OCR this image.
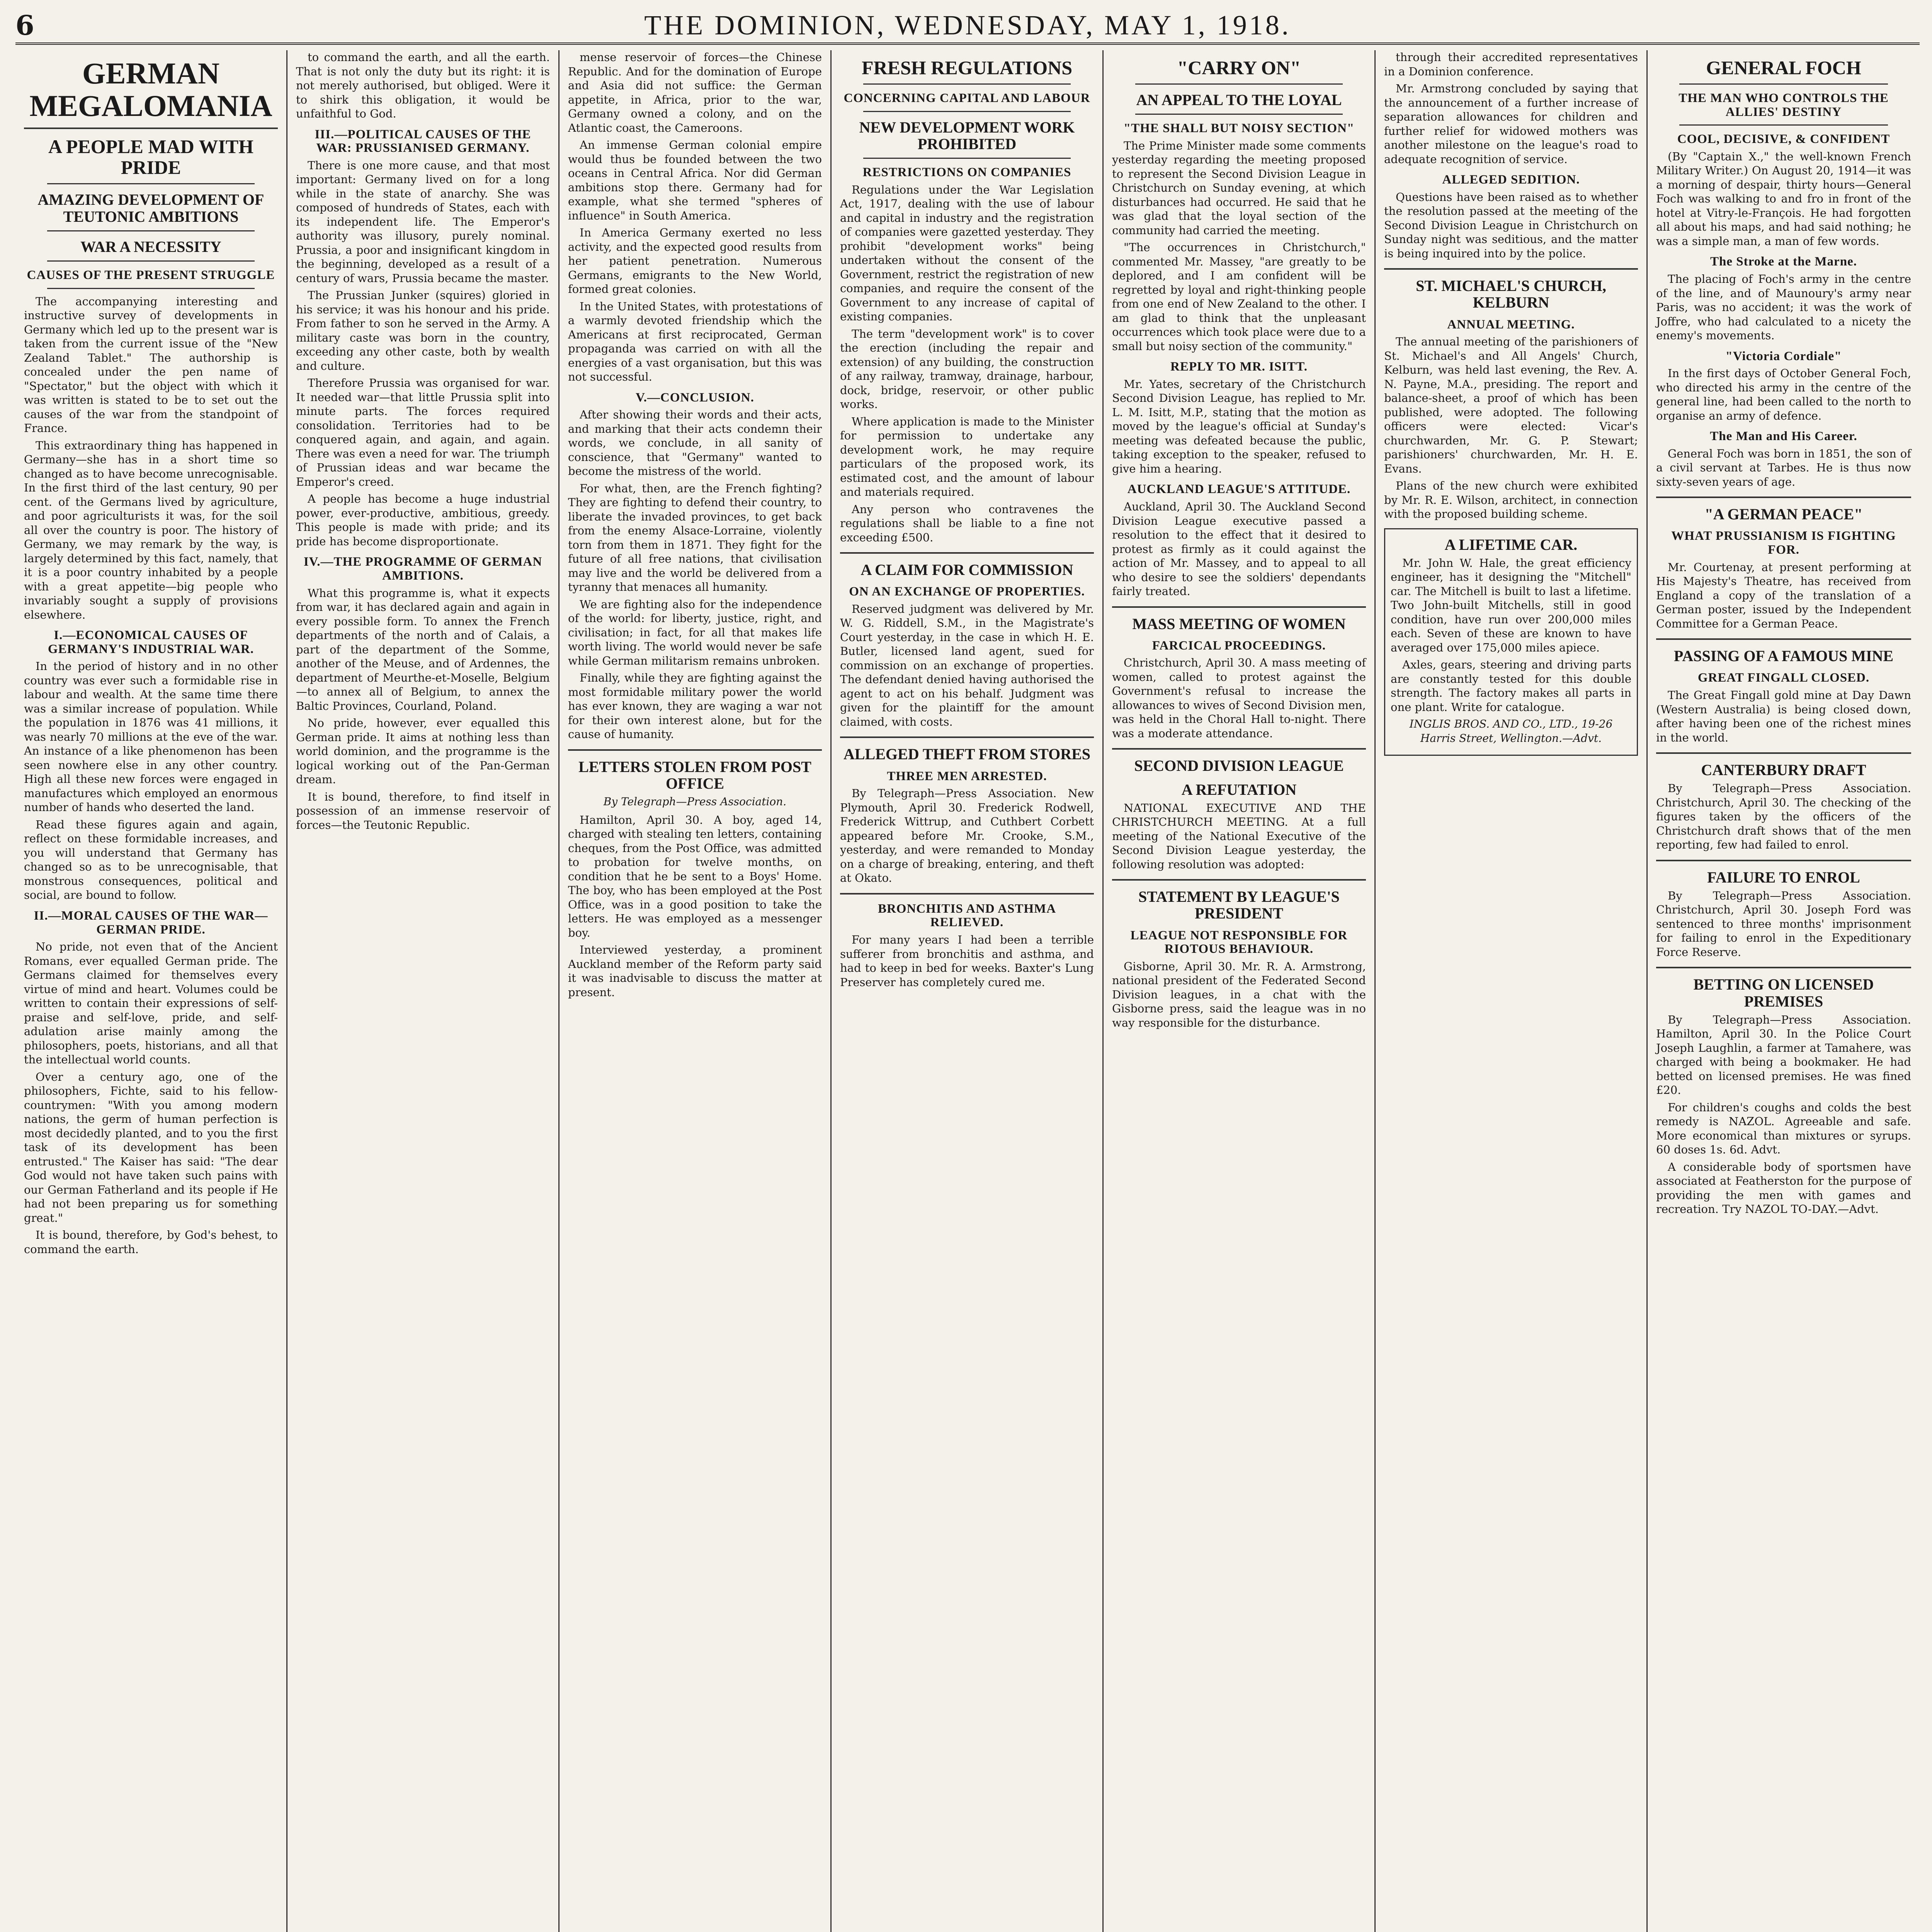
6	THE DOMINION, WEDNESDAY, MAY 1, 1918.
GERMAN MEGALOMANIA
A PEOPLE MAD WITH PRIDE
AMAZING DEVELOPMENT OF TEUTONIC AMBITIONS
WAR A NECESSITY
CAUSES OF THE PRESENT STRUGGLE

The accompanying interesting and instructive survey of developments in Germany which led up to the present war is taken from the current issue of the "New Zealand Tablet." The authorship is concealed under the pen name of "Spectator," but the object with which it was written is stated to be to set out the causes of the war from the standpoint of France.

This extraordinary thing has happened in Germany—she has in a short time so changed as to have become unrecognisable. In the first third of the last century, 90 per cent. of the Germans lived by agriculture, and poor agriculturists it was, for the soil all over the country is poor. The history of Germany, we may remark by the way, is largely determined by this fact, namely, that it is a poor country inhabited by a people with a great appetite—big people who invariably sought a supply of provisions elsewhere.

I.—ECONOMICAL CAUSES OF GERMANY'S INDUSTRIAL WAR.

In the period of history and in no other country was ever such a formidable rise in labour and wealth. At the same time there was a similar increase of population. While the population in 1876 was 41 millions, it was nearly 70 millions at the eve of the war. An instance of a like phenomenon has been seen nowhere else in any other country. High all these new forces were engaged in manufactures which employed an enormous number of hands who deserted the land.

Read these figures again and again, reflect on these formidable increases, and you will understand that Germany has changed so as to be unrecognisable, that monstrous consequences, political and social, are bound to follow.

II.—MORAL CAUSES OF THE WAR—GERMAN PRIDE.

No pride, not even that of the Ancient Romans, ever equalled German pride. The Germans claimed for themselves every virtue of mind and heart. Volumes could be written to contain their expressions of self-praise and self-love, pride, and self-adulation arise mainly among the philosophers, poets, historians, and all that the intellectual world counts.

Over a century ago, one of the philosophers, Fichte, said to his fellow-countrymen: "With you among modern nations, the germ of human perfection is most decidedly planted, and to you the first task of its development has been entrusted." The Kaiser has said: "The dear God would not have taken such pains with our German Fatherland and its people if He had not been preparing us for something great."

It is bound, therefore, by God's behest, to command the earth.

to command the earth, and all the earth. That is not only the duty but its right: it is not merely authorised, but obliged. Were it to shirk this obligation, it would be unfaithful to God.

III.—POLITICAL CAUSES OF THE WAR: PRUSSIANISED GERMANY.

There is one more cause, and that most important: Germany lived on for a long while in the state of anarchy. She was composed of hundreds of States, each with its independent life. The Emperor's authority was illusory, purely nominal. Prussia, a poor and insignificant kingdom in the beginning, developed as a result of a century of wars, Prussia became the master.

The Prussian Junker (squires) gloried in his service; it was his honour and his pride. From father to son he served in the Army. A military caste was born in the country, exceeding any other caste, both by wealth and culture.

Therefore Prussia was organised for war. It needed war—that little Prussia split into minute parts. The forces required consolidation. Territories had to be conquered again, and again, and again. There was even a need for war. The triumph of Prussian ideas and war became the Emperor's creed.

A people has become a huge industrial power, ever-productive, ambitious, greedy. This people is made with pride; and its pride has become disproportionate.

IV.—THE PROGRAMME OF GERMAN AMBITIONS.

What this programme is, what it expects from war, it has declared again and again in every possible form. To annex the French departments of the north and of Calais, a part of the department of the Somme, another of the Meuse, and of Ardennes, the department of Meurthe-et-Moselle, Belgium—to annex all of Belgium, to annex the Baltic Provinces, Courland, Poland.

No pride, however, ever equalled this German pride. It aims at nothing less than world dominion, and the programme is the logical working out of the Pan-German dream.

It is bound, therefore, to find itself in possession of an immense reservoir of forces—the Teutonic Republic.

mense reservoir of forces—the Chinese Republic. And for the domination of Europe and Asia did not suffice: the German appetite, in Africa, prior to the war, Germany owned a colony, and on the Atlantic coast, the Cameroons.

An immense German colonial empire would thus be founded between the two oceans in Central Africa. Nor did German ambitions stop there. Germany had for example, what she termed "spheres of influence" in South America.

In America Germany exerted no less activity, and the expected good results from her patient penetration. Numerous Germans, emigrants to the New World, formed great colonies.

In the United States, with protestations of a warmly devoted friendship which the Americans at first reciprocated, German propaganda was carried on with all the energies of a vast organisation, but this was not successful.

V.—CONCLUSION.

After showing their words and their acts, and marking that their acts condemn their words, we conclude, in all sanity of conscience, that "Germany" wanted to become the mistress of the world.

For what, then, are the French fighting? They are fighting to defend their country, to liberate the invaded provinces, to get back from the enemy Alsace-Lorraine, violently torn from them in 1871. They fight for the future of all free nations, that civilisation may live and the world be delivered from a tyranny that menaces all humanity.

We are fighting also for the independence of the world: for liberty, justice, right, and civilisation; in fact, for all that makes life worth living. The world would never be safe while German militarism remains unbroken.

Finally, while they are fighting against the most formidable military power the world has ever known, they are waging a war not for their own interest alone, but for the cause of humanity.

LETTERS STOLEN FROM POST OFFICE
By Telegraph—Press Association.

Hamilton, April 30. A boy, aged 14, charged with stealing ten letters, containing cheques, from the Post Office, was admitted to probation for twelve months, on condition that he be sent to a Boys' Home. The boy, who has been employed at the Post Office, was in a good position to take the letters. He was employed as a messenger boy.

Interviewed yesterday, a prominent Auckland member of the Reform party said it was inadvisable to discuss the matter at present.

FRESH REGULATIONS
CONCERNING CAPITAL AND LABOUR
NEW DEVELOPMENT WORK PROHIBITED
RESTRICTIONS ON COMPANIES

Regulations under the War Legislation Act, 1917, dealing with the use of labour and capital in industry and the registration of companies were gazetted yesterday. They prohibit "development works" being undertaken without the consent of the Government, restrict the registration of new companies, and require the consent of the Government to any increase of capital of existing companies.

The term "development work" is to cover the erection (including the repair and extension) of any building, the construction of any railway, tramway, drainage, harbour, dock, bridge, reservoir, or other public works.

Where application is made to the Minister for permission to undertake any development work, he may require particulars of the proposed work, its estimated cost, and the amount of labour and materials required.

Any person who contravenes the regulations shall be liable to a fine not exceeding £500.

A CLAIM FOR COMMISSION
ON AN EXCHANGE OF PROPERTIES.

Reserved judgment was delivered by Mr. W. G. Riddell, S.M., in the Magistrate's Court yesterday, in the case in which H. E. Butler, licensed land agent, sued for commission on an exchange of properties. The defendant denied having authorised the agent to act on his behalf. Judgment was given for the plaintiff for the amount claimed, with costs.

ALLEGED THEFT FROM STORES
THREE MEN ARRESTED.

By Telegraph—Press Association. New Plymouth, April 30. Frederick Rodwell, Frederick Wittrup, and Cuthbert Corbett appeared before Mr. Crooke, S.M., yesterday, and were remanded to Monday on a charge of breaking, entering, and theft at Okato.

BRONCHITIS AND ASTHMA RELIEVED.

For many years I had been a terrible sufferer from bronchitis and asthma, and had to keep in bed for weeks. Baxter's Lung Preserver has completely cured me.

"CARRY ON"
AN APPEAL TO THE LOYAL
"THE SHALL BUT NOISY SECTION"

The Prime Minister made some comments yesterday regarding the meeting proposed to represent the Second Division League in Christchurch on Sunday evening, at which disturbances had occurred. He said that he was glad that the loyal section of the community had carried the meeting.

"The occurrences in Christchurch," commented Mr. Massey, "are greatly to be deplored, and I am confident will be regretted by loyal and right-thinking people from one end of New Zealand to the other. I am glad to think that the unpleasant occurrences which took place were due to a small but noisy section of the community."

REPLY TO MR. ISITT.

Mr. Yates, secretary of the Christchurch Second Division League, has replied to Mr. L. M. Isitt, M.P., stating that the motion as moved by the league's official at Sunday's meeting was defeated because the public, taking exception to the speaker, refused to give him a hearing.

AUCKLAND LEAGUE'S ATTITUDE.

Auckland, April 30. The Auckland Second Division League executive passed a resolution to the effect that it desired to protest as firmly as it could against the action of Mr. Massey, and to appeal to all who desire to see the soldiers' dependants fairly treated.

MASS MEETING OF WOMEN
FARCICAL PROCEEDINGS.

Christchurch, April 30. A mass meeting of women, called to protest against the Government's refusal to increase the allowances to wives of Second Division men, was held in the Choral Hall to-night. There was a moderate attendance.

SECOND DIVISION LEAGUE
A REFUTATION

NATIONAL EXECUTIVE AND THE CHRISTCHURCH MEETING. At a full meeting of the National Executive of the Second Division League yesterday, the following resolution was adopted:

STATEMENT BY LEAGUE'S PRESIDENT
LEAGUE NOT RESPONSIBLE FOR RIOTOUS BEHAVIOUR.

Gisborne, April 30. Mr. R. A. Armstrong, national president of the Federated Second Division leagues, in a chat with the Gisborne press, said the league was in no way responsible for the disturbance.

through their accredited representatives in a Dominion conference.

Mr. Armstrong concluded by saying that the announcement of a further increase of separation allowances for children and further relief for widowed mothers was another milestone on the league's road to adequate recognition of service.

ALLEGED SEDITION.

Questions have been raised as to whether the resolution passed at the meeting of the Second Division League in Christchurch on Sunday night was seditious, and the matter is being inquired into by the police.

ST. MICHAEL'S CHURCH, KELBURN
ANNUAL MEETING.

The annual meeting of the parishioners of St. Michael's and All Angels' Church, Kelburn, was held last evening, the Rev. A. N. Payne, M.A., presiding. The report and balance-sheet, a proof of which has been published, were adopted. The following officers were elected: Vicar's churchwarden, Mr. G. P. Stewart; parishioners' churchwarden, Mr. H. E. Evans.

Plans of the new church were exhibited by Mr. R. E. Wilson, architect, in connection with the proposed building scheme.

A LIFETIME CAR.

Mr. John W. Hale, the great efficiency engineer, has it designing the "Mitchell" car. The Mitchell is built to last a lifetime. Two John-built Mitchells, still in good condition, have run over 200,000 miles each. Seven of these are known to have averaged over 175,000 miles apiece.

Axles, gears, steering and driving parts are constantly tested for this double strength. The factory makes all parts in one plant. Write for catalogue.

INGLIS BROS. AND CO., LTD., 19-26 Harris Street, Wellington.—Advt.
GENERAL FOCH
THE MAN WHO CONTROLS THE ALLIES' DESTINY
COOL, DECISIVE, & CONFIDENT

(By "Captain X.," the well-known French Military Writer.) On August 20, 1914—it was a morning of despair, thirty hours—General Foch was walking to and fro in front of the hotel at Vitry-le-François. He had forgotten all about his maps, and had said nothing; he was a simple man, a man of few words.

The Stroke at the Marne.

The placing of Foch's army in the centre of the line, and of Maunoury's army near Paris, was no accident; it was the work of Joffre, who had calculated to a nicety the enemy's movements.

"Victoria Cordiale"

In the first days of October General Foch, who directed his army in the centre of the general line, had been called to the north to organise an army of defence.

The Man and His Career.

General Foch was born in 1851, the son of a civil servant at Tarbes. He is thus now sixty-seven years of age.

"A GERMAN PEACE"
WHAT PRUSSIANISM IS FIGHTING FOR.

Mr. Courtenay, at present performing at His Majesty's Theatre, has received from England a copy of the translation of a German poster, issued by the Independent Committee for a German Peace.

PASSING OF A FAMOUS MINE
GREAT FINGALL CLOSED.

The Great Fingall gold mine at Day Dawn (Western Australia) is being closed down, after having been one of the richest mines in the world.

CANTERBURY DRAFT

By Telegraph—Press Association. Christchurch, April 30. The checking of the figures taken by the officers of the Christchurch draft shows that of the men reporting, few had failed to enrol.

FAILURE TO ENROL

By Telegraph—Press Association. Christchurch, April 30. Joseph Ford was sentenced to three months' imprisonment for failing to enrol in the Expeditionary Force Reserve.

BETTING ON LICENSED PREMISES

By Telegraph—Press Association. Hamilton, April 30. In the Police Court Joseph Laughlin, a farmer at Tamahere, was charged with being a bookmaker. He had betted on licensed premises. He was fined £20.

For children's coughs and colds the best remedy is NAZOL. Agreeable and safe. More economical than mixtures or syrups. 60 doses 1s. 6d. Advt.

A considerable body of sportsmen have associated at Featherston for the purpose of providing the men with games and recreation. Try NAZOL TO-DAY.—Advt.
